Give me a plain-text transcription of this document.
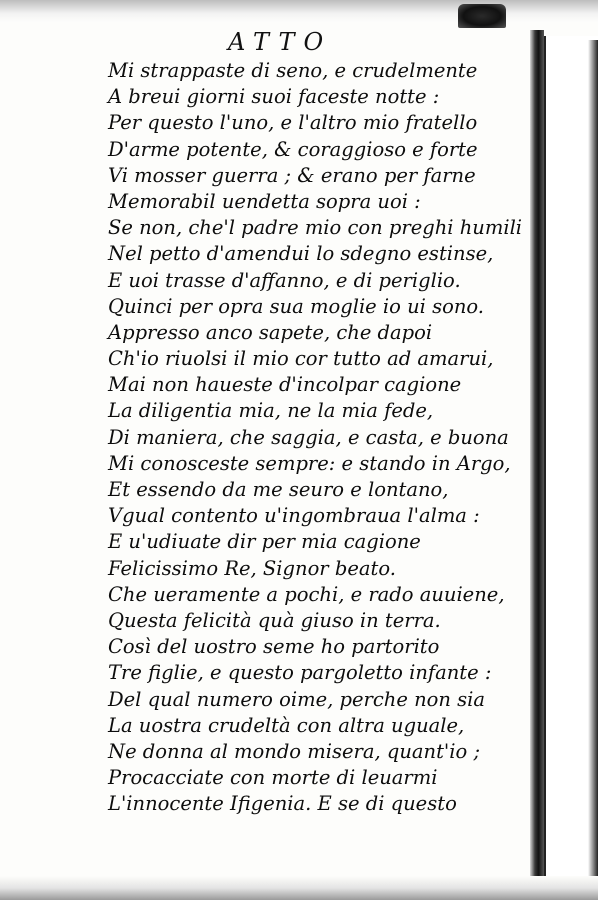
ATTO
Mi strappaste di seno, e crudelmente
A breui giorni suoi faceste notte :
Per questo l'uno, e l'altro mio fratello
D'arme potente, & coraggioso e forte
Vi mosser guerra ; & erano per farne
Memorabil uendetta sopra uoi :
Se non, che'l padre mio con preghi humili
Nel petto d'amendui lo sdegno estinse,
E uoi trasse d'affanno, e di periglio.
Quinci per opra sua moglie io ui sono.
Appresso anco sapete, che dapoi
Ch'io riuolsi il mio cor tutto ad amarui,
Mai non haueste d'incolpar cagione
La diligentia mia, ne la mia fede,
Di maniera, che saggia, e casta, e buona
Mi conosceste sempre: e stando in Argo,
Et essendo da me seuro e lontano,
Vgual contento u'ingombraua l'alma :
E u'udiuate dir per mia cagione
Felicissimo Re, Signor beato.
Che ueramente a pochi, e rado auuiene,
Questa felicità quà giuso in terra.
Così del uostro seme ho partorito
Tre figlie, e questo pargoletto infante :
Del qual numero oime, perche non sia
La uostra crudeltà con altra uguale,
Ne donna al mondo misera, quant'io ;
Procacciate con morte di leuarmi
L'innocente Ifigenia. E se di questo
